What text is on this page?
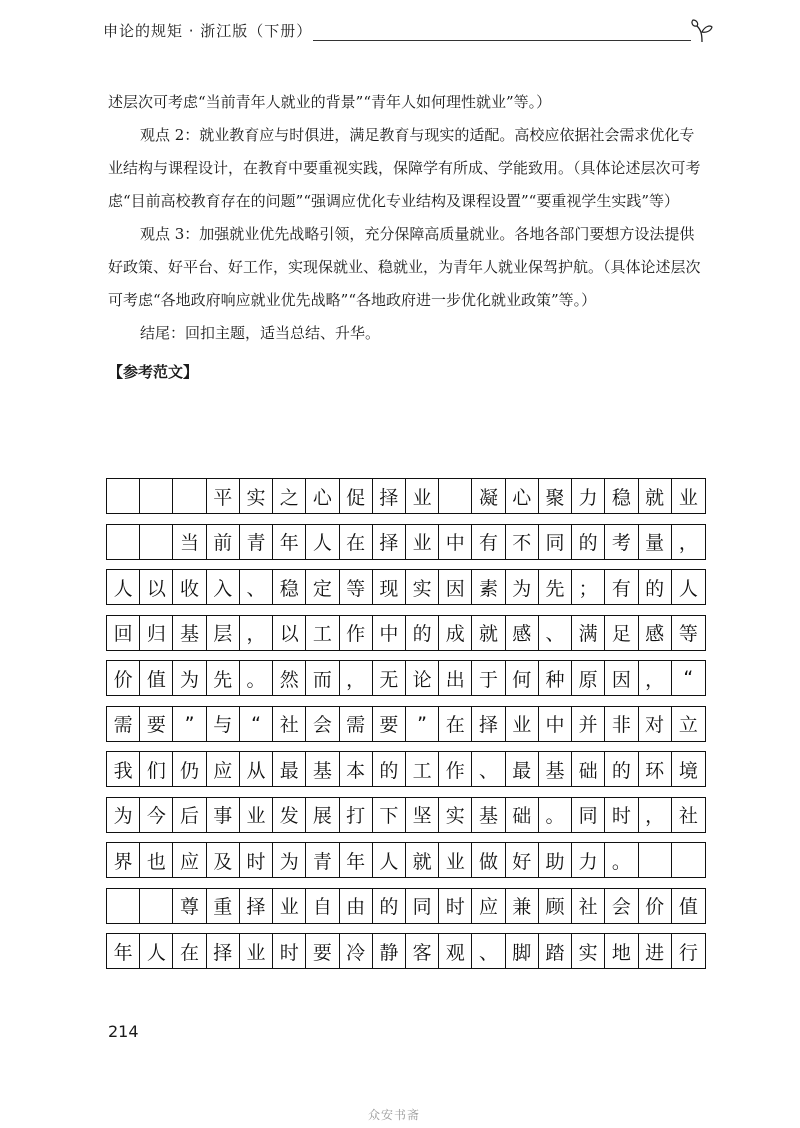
申论的规矩 · 浙江版（下册）

述层次可考虑“当前青年人就业的背景”“青年人如何理性就业”等。）

观点 2：就业教育应与时俱进，满足教育与现实的适配。高校应依据社会需求优化专业结构与课程设计，在教育中要重视实践，保障学有所成、学能致用。（具体论述层次可考虑“目前高校教育存在的问题”“强调应优化专业结构及课程设置”“要重视学生实践”等）

观点 3：加强就业优先战略引领，充分保障高质量就业。各地各部门要想方设法提供好政策、好平台、好工作，实现保就业、稳就业，为青年人就业保驾护航。（具体论述层次可考虑“各地政府响应就业优先战略”“各地政府进一步优化就业政策”等。）

结尾：回扣主题，适当总结、升华。

【参考范文】

平 实 之 心 促 择 业	凝 心 聚 力 稳 就 业
当 前 青 年 人 在 择 业 中 有 不 同 的 考 量 ，
人 以 收 入 、 稳 定 等 现 实 因 素 为 先 ； 有 的 人
回 归 基 层 ， 以 工 作 中 的 成 就 感 、 满 足 感 等
价 值 为 先 。 然 而 ， 无 论 出 于 何 种 原 因 ，	“
需 要 ” 与 “ 社 会 需 要 ” 在 择 业 中 并 非 对 立
我 们 仍 应 从 最 基 本 的 工 作 、 最 基 础 的 环 境
为 今 后 事 业 发 展 打 下 坚 实 基 础 。 同 时 ， 社
界 也 应 及 时 为 青 年 人 就 业 做 好 助 力 。
尊 重 择 业 自 由 的 同 时 应 兼 顾 社 会 价 值
年 人 在 择 业 时 要 冷 静 客 观 、 脚 踏 实 地 进 行
214
众安书斋
